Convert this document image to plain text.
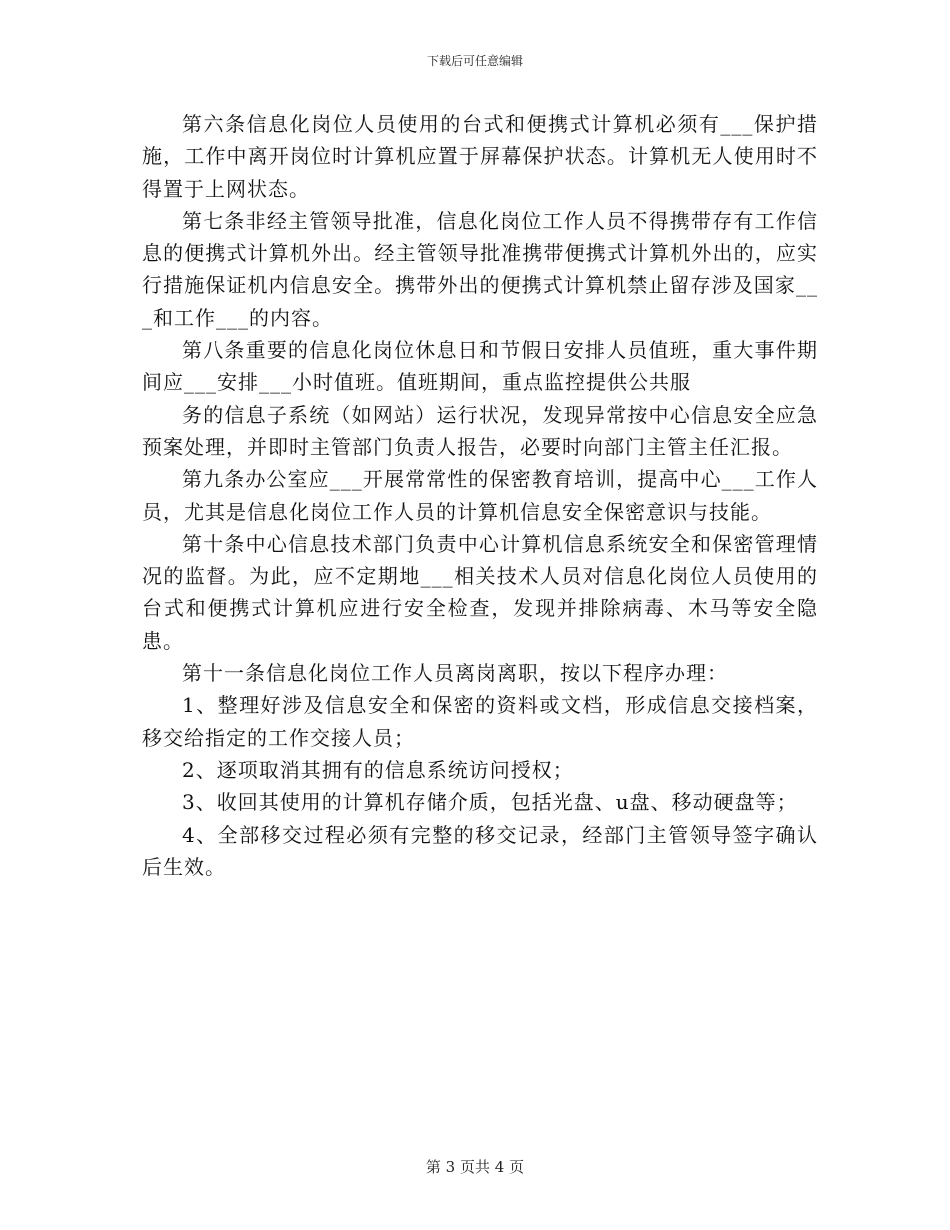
下载后可任意编辑

第六条信息化岗位人员使用的台式和便携式计算机必须有___保护措施，工作中离开岗位时计算机应置于屏幕保护状态。计算机无人使用时不得置于上网状态。

第七条非经主管领导批准，信息化岗位工作人员不得携带存有工作信息的便携式计算机外出。经主管领导批准携带便携式计算机外出的，应实行措施保证机内信息安全。携带外出的便携式计算机禁止留存涉及国家___和工作___的内容。

第八条重要的信息化岗位休息日和节假日安排人员值班，重大事件期间应___安排___小时值班。值班期间，重点监控提供公共服

务的信息子系统（如网站）运行状况，发现异常按中心信息安全应急预案处理，并即时主管部门负责人报告，必要时向部门主管主任汇报。

第九条办公室应___开展常常性的保密教育培训，提高中心___工作人员，尤其是信息化岗位工作人员的计算机信息安全保密意识与技能。

第十条中心信息技术部门负责中心计算机信息系统安全和保密管理情况的监督。为此，应不定期地___相关技术人员对信息化岗位人员使用的台式和便携式计算机应进行安全检查，发现并排除病毒、木马等安全隐患。

第十一条信息化岗位工作人员离岗离职，按以下程序办理：

1、整理好涉及信息安全和保密的资料或文档，形成信息交接档案，移交给指定的工作交接人员；

2、逐项取消其拥有的信息系统访问授权；

3、收回其使用的计算机存储介质，包括光盘、u盘、移动硬盘等；

4、全部移交过程必须有完整的移交记录，经部门主管领导签字确认后生效。

第 3 页共 4 页
